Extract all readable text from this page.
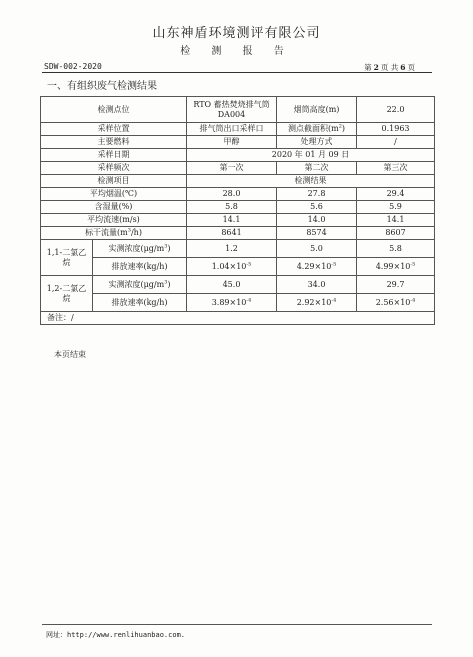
山东神盾环境测评有限公司
检 测 报 告
SDW-002-2020	第 2 页 共 6 页
一、有组织废气检测结果
检测点位		RTO 蓄热焚烧排气筒 DA004	烟筒高度(m)	22.0
采样位置		排气筒出口采样口	测点截面积$(m^2)$	0.1963
主要燃料		甲醇	处理方式	/
采样日期		2020 年 01 月 09 日		
采样频次		第一次	第二次	第三次
检测项目		检测结果		
平均烟温(℃)		28.0	27.8	29.4
含湿量(%)		5.8	5.6	5.9
平均流速(m/s)		14.1	14.0	14.1
标干流量$(m^3/h)$		8641	8574	8607
1,1-二氯乙烷	实测浓度$(\mu g/m^3)$	1.2	5.0	5.8
	排放速率(kg/h)	$1.04\times 10^{-5}$	$4.29\times 10^{-5}$	$4.99\times 10^{-5}$
1,2-二氯乙烷	实测浓度$(\mu g/m^3)$	45.0	34.0	29.7
	排放速率(kg/h)	$3.89\times 10^{-4}$	$2.92\times 10^{-4}$	$2.56\times 10^{-4}$
备注：/				
本页结束
网址：http://www.renlihuanbao.com.
